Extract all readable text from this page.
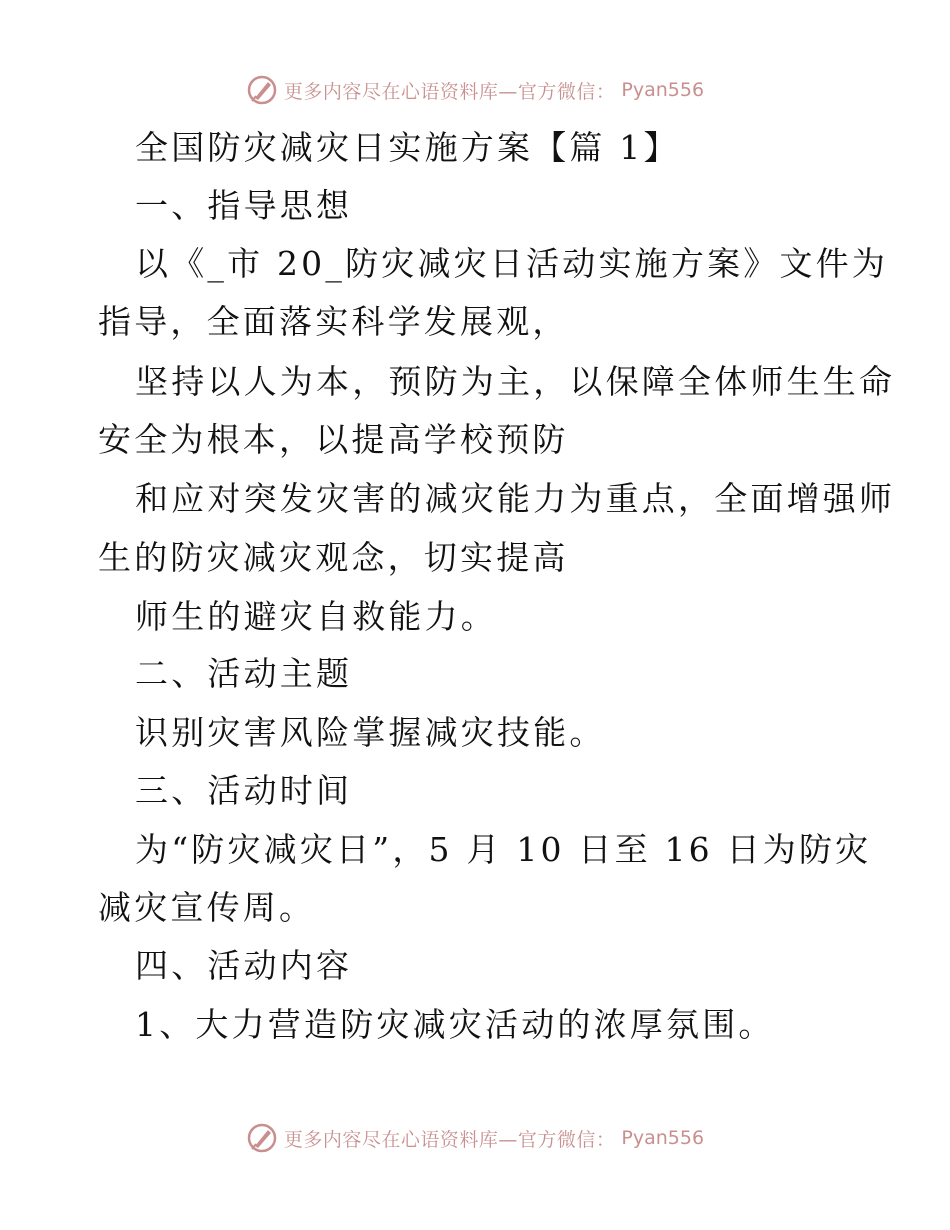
更多内容尽在心语资料库—官方微信： Pyan556
全国防灾减灾日实施方案【篇 1】
一、指导思想
以《_市 20_防灾减灾日活动实施方案》文件为
指导，全面落实科学发展观，
坚持以人为本，预防为主，以保障全体师生生命
安全为根本，以提高学校预防
和应对突发灾害的减灾能力为重点，全面增强师
生的防灾减灾观念，切实提高
师生的避灾自救能力。
二、活动主题
识别灾害风险掌握减灾技能。
三、活动时间
为“防灾减灾日”，5 月 10 日至 16 日为防灾
减灾宣传周。
四、活动内容
1、大力营造防灾减灾活动的浓厚氛围。
更多内容尽在心语资料库—官方微信： Pyan556
